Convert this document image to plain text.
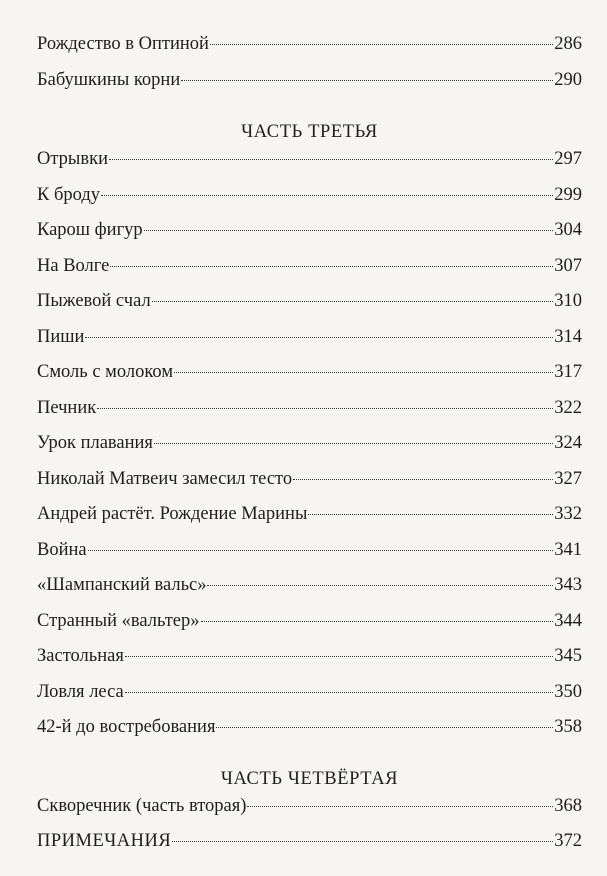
Рождество в Оптиной	286
Бабушкины корни	290
ЧАСТЬ ТРЕТЬЯ
Отрывки	297
К броду	299
Карош фигур	304
На Волге	307
Пыжевой счал	310
Пиши	314
Смоль с молоком	317
Печник	322
Урок плавания	324
Николай Матвеич замесил тесто	327
Андрей растёт. Рождение Марины	332
Война	341
«Шампанский вальс»	343
Странный «вальтер»	344
Застольная	345
Ловля леса	350
42-й до востребования	358
ЧАСТЬ ЧЕТВЁРТАЯ
Скворечник (часть вторая)	368
ПРИМЕЧАНИЯ	372
